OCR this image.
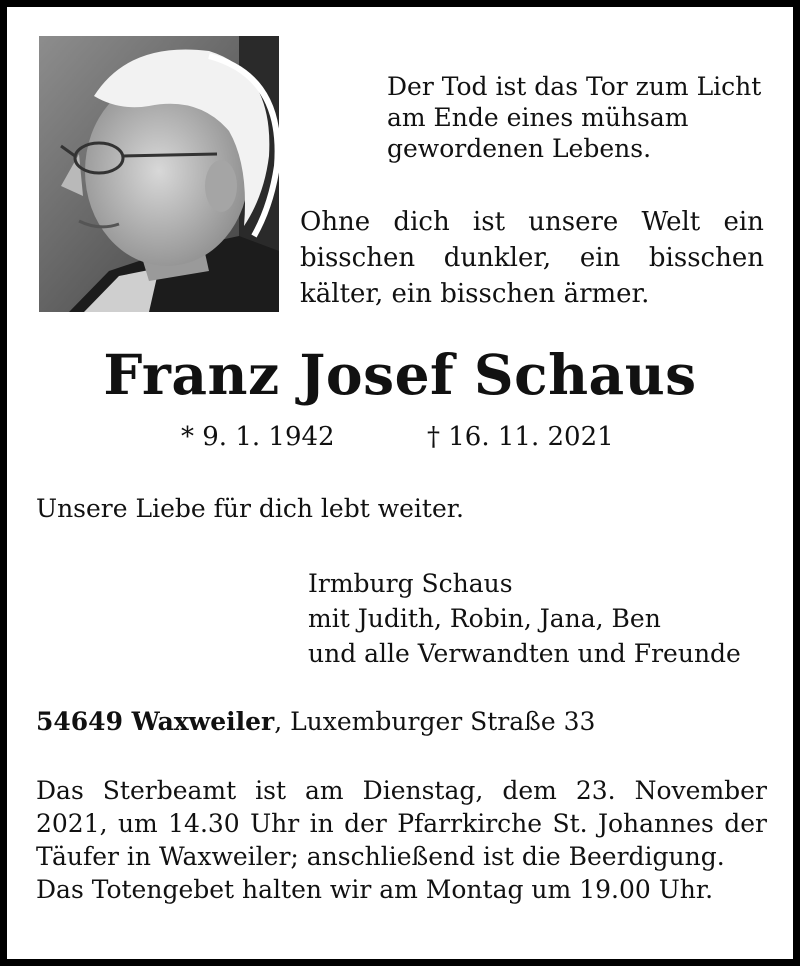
Der Tod ist das Tor zum Licht
am Ende eines mühsam
gewordenen Lebens.
Ohne dich ist unsere Welt ein
bisschen dunkler, ein bisschen
kälter, ein bisschen ärmer.
Franz Josef Schaus
* 9. 1. 1942	† 16. 11. 2021
Unsere Liebe für dich lebt weiter.
Irmburg Schaus
mit Judith, Robin, Jana, Ben
und alle Verwandten und Freunde
54649 Waxweiler, Luxemburger Straße 33
Das Sterbeamt ist am Dienstag, dem 23. November
2021, um 14.30 Uhr in der Pfarrkirche St. Johannes der
Täufer in Waxweiler; anschließend ist die Beerdigung.
Das Totengebet halten wir am Montag um 19.00 Uhr.
